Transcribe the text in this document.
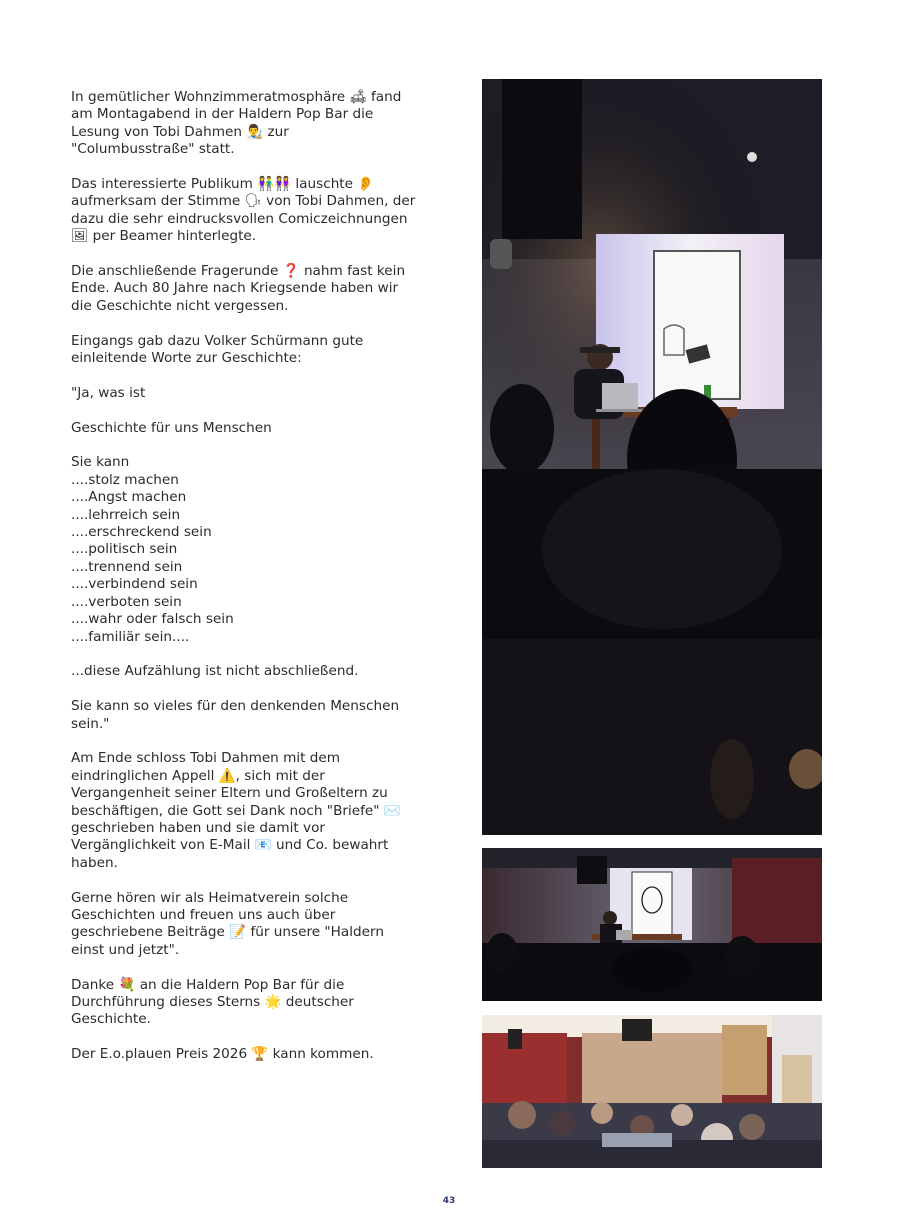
In gemütlicher Wohnzimmeratmosphäre 🛋 fand am Montagabend in der Haldern Pop Bar die Lesung von Tobi Dahmen 👨‍🎨 zur "Columbusstraße" statt.

Das interessierte Publikum 👫👭 lauschte 👂 aufmerksam der Stimme 🗣 von Tobi Dahmen, der dazu die sehr eindrucksvollen Comiczeichnungen 🖼 per Beamer hinterlegte.

Die anschließende Fragerunde ❓ nahm fast kein Ende. Auch 80 Jahre nach Kriegsende haben wir die Geschichte nicht vergessen.

Eingangs gab dazu Volker Schürmann gute einleitende Worte zur Geschichte:

"Ja, was ist

Geschichte für uns Menschen

Sie kann
....stolz machen
....Angst machen
....lehrreich sein
....erschreckend sein
....politisch sein
....trennend sein
....verbindend sein
....verboten sein
....wahr oder falsch sein
....familiär sein....

...diese Aufzählung ist nicht abschließend.

Sie kann so vieles für den denkenden Menschen sein."

Am Ende schloss Tobi Dahmen mit dem eindringlichen Appell ⚠️, sich mit der Vergangenheit seiner Eltern und Großeltern zu beschäftigen, die Gott sei Dank noch "Briefe" ✉️ geschrieben haben und sie damit vor Vergänglichkeit von E-Mail 📧 und Co. bewahrt haben.

Gerne hören wir als Heimatverein solche Geschichten und freuen uns auch über geschriebene Beiträge 📝 für unsere "Haldern einst und jetzt".

Danke 💐 an die Haldern Pop Bar für die Durchführung dieses Sterns 🌟 deutscher Geschichte.

Der E.o.plauen Preis 2026 🏆 kann kommen.

43
